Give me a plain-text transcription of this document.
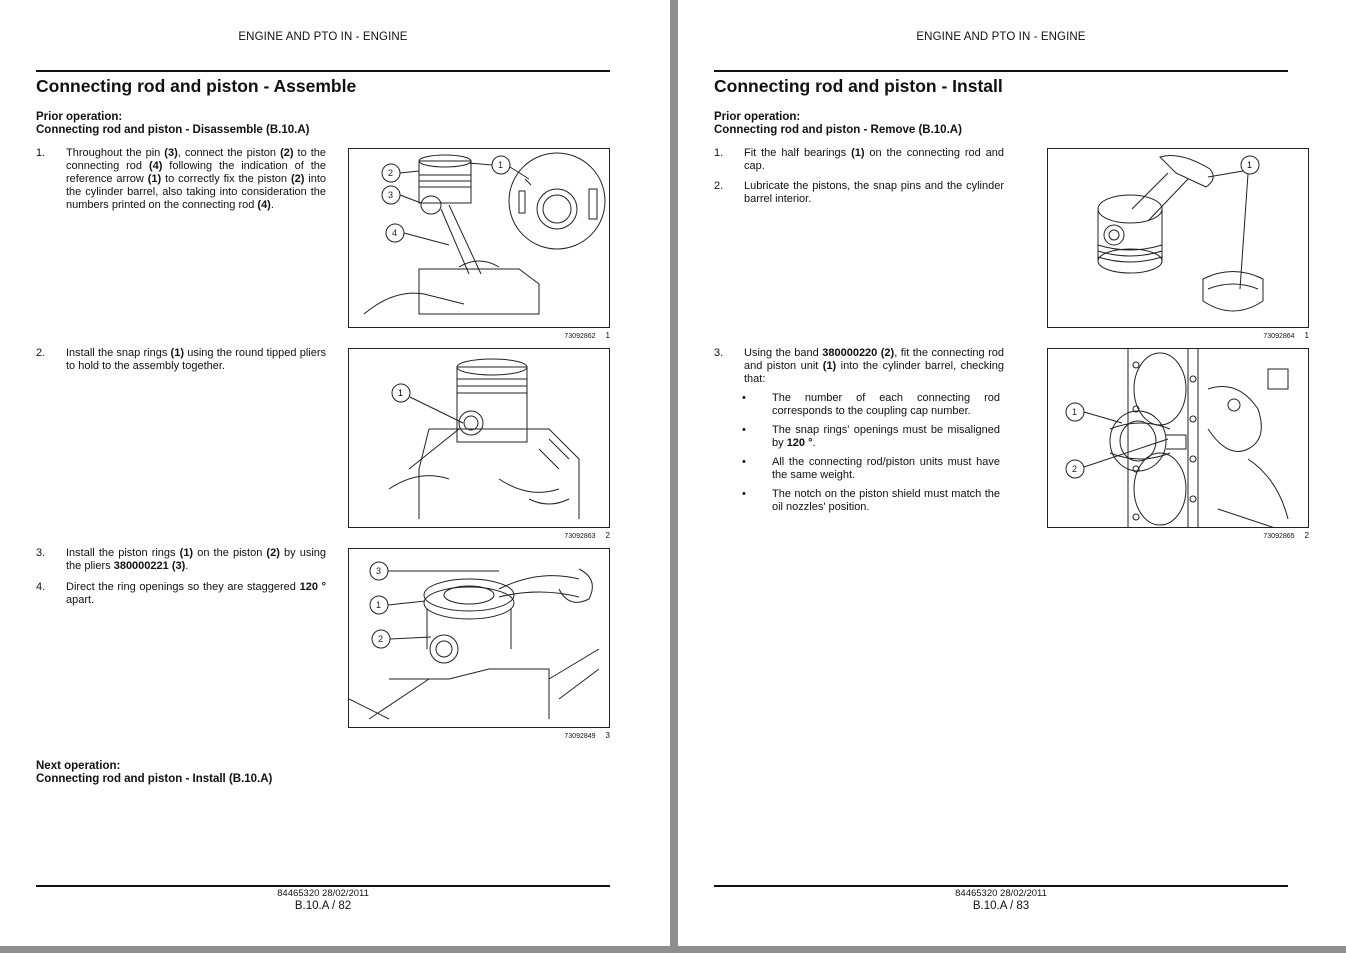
ENGINE AND PTO IN - ENGINE
Connecting rod and piston - Assemble
Prior operation:
Connecting rod and piston - Disassemble (B.10.A)
1. Throughout the pin (3), connect the piston (2) to the connecting rod (4) following the indication of the reference arrow (1) to correctly fix the piston (2) into the cylinder barrel, also taking into consideration the numbers printed on the connecting rod (4).
2. Install the snap rings (1) using the round tipped pliers to hold to the assembly together.
3. Install the piston rings (1) on the piston (2) by using the pliers 380000221 (3).
4. Direct the ring openings so they are staggered 120 ° apart.
1
2
3
4
73092862 1
1
73092863 2
3
1
2
73092849 3
Next operation:
Connecting rod and piston - Install (B.10.A)
84465320 28/02/2011
B.10.A / 82
ENGINE AND PTO IN - ENGINE
Connecting rod and piston - Install
Prior operation:
Connecting rod and piston - Remove (B.10.A)
1. Fit the half bearings (1) on the connecting rod and cap.
2. Lubricate the pistons, the snap pins and the cylinder barrel interior.
3. Using the band 380000220 (2), fit the connecting rod and piston unit (1) into the cylinder barrel, checking that:
• The number of each connecting rod corresponds to the coupling cap number.
• The snap rings' openings must be misaligned by 120 °.
• All the connecting rod/piston units must have the same weight.
• The notch on the piston shield must match the oil nozzles' position.
1
73092864 1
1
2
73092865 2
84465320 28/02/2011
B.10.A / 83
